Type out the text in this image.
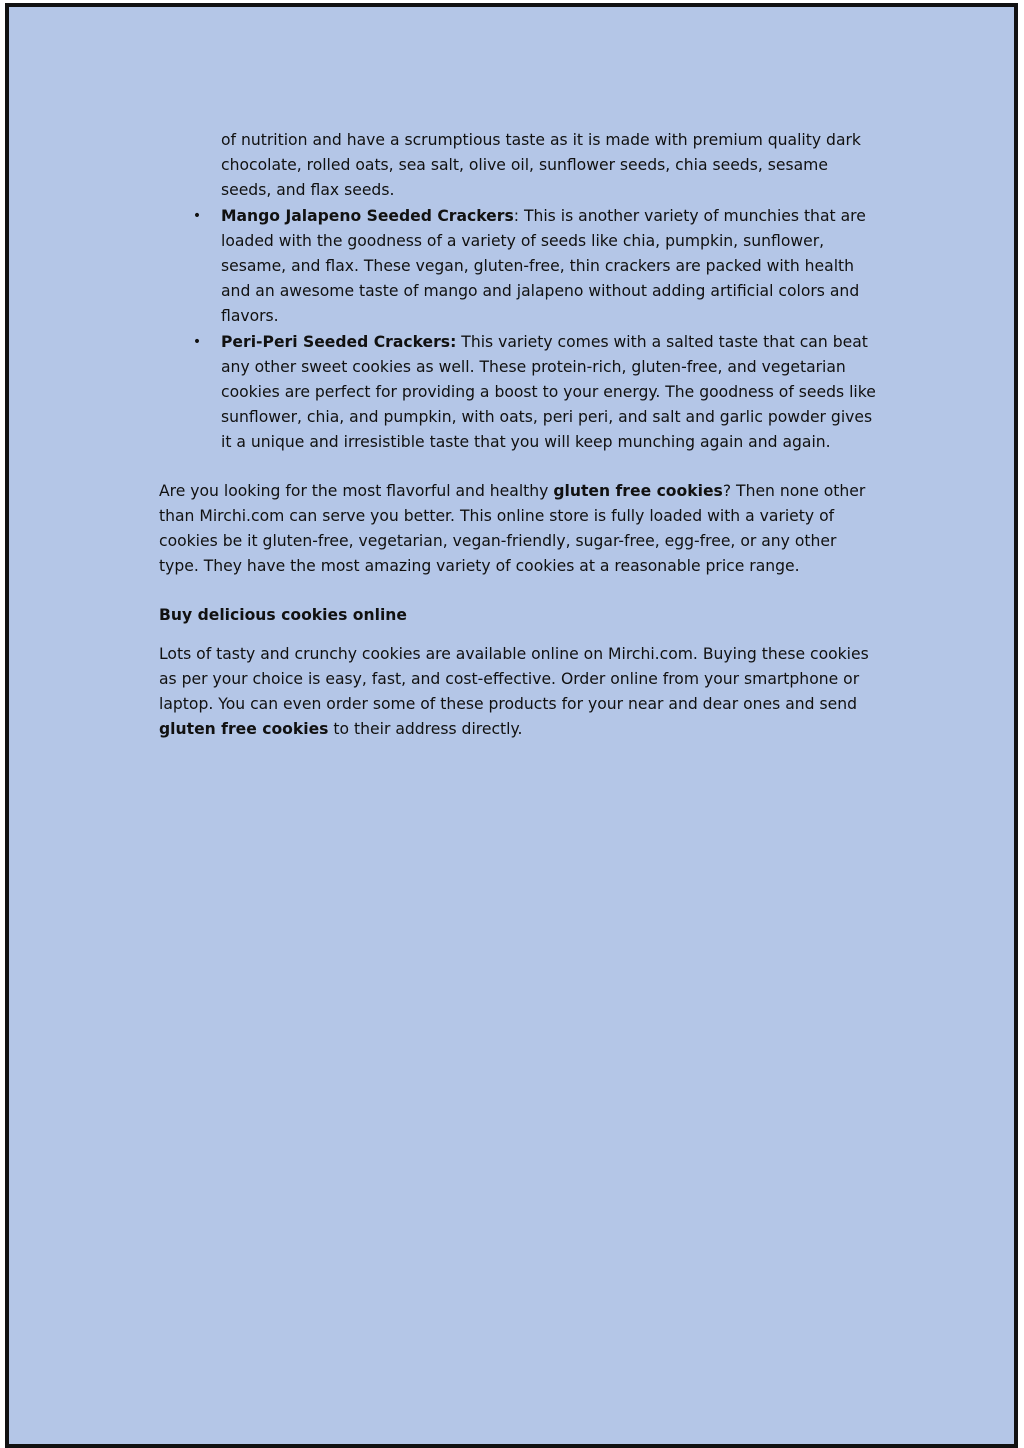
of nutrition and have a scrumptious taste as it is made with premium quality dark chocolate, rolled oats, sea salt, olive oil, sunflower seeds, chia seeds, sesame seeds, and flax seeds.

• Mango Jalapeno Seeded Crackers: This is another variety of munchies that are loaded with the goodness of a variety of seeds like chia, pumpkin, sunflower, sesame, and flax. These vegan, gluten-free, thin crackers are packed with health and an awesome taste of mango and jalapeno without adding artificial colors and flavors.
• Peri-Peri Seeded Crackers: This variety comes with a salted taste that can beat any other sweet cookies as well. These protein-rich, gluten-free, and vegetarian cookies are perfect for providing a boost to your energy. The goodness of seeds like sunflower, chia, and pumpkin, with oats, peri peri, and salt and garlic powder gives it a unique and irresistible taste that you will keep munching again and again.

Are you looking for the most flavorful and healthy gluten free cookies? Then none other than Mirchi.com can serve you better. This online store is fully loaded with a variety of cookies be it gluten-free, vegetarian, vegan-friendly, sugar-free, egg-free, or any other type. They have the most amazing variety of cookies at a reasonable price range.

Buy delicious cookies online

Lots of tasty and crunchy cookies are available online on Mirchi.com. Buying these cookies as per your choice is easy, fast, and cost-effective. Order online from your smartphone or laptop. You can even order some of these products for your near and dear ones and send gluten free cookies to their address directly.
